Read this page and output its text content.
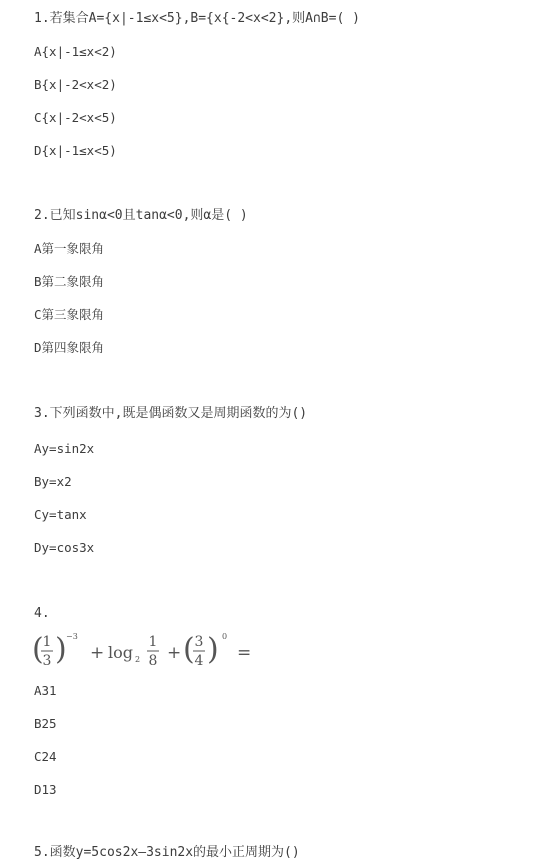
1.若集合A={x|-1≤x<5},B={x{-2<x<2},则A∩B=( )
A{x|-1≤x<2)
B{x|-2<x<2)
C{x|-2<x<5)
D{x|-1≤x<5)
2.已知sinα<0且tanα<0,则α是( )
A第一象限角
B第二象限角
C第三象限角
D第四象限角
3.下列函数中,既是偶函数又是周期函数的为()
Ay=sin2x
By=x2
Cy=tanx
Dy=cos3x
4.
(
1
3 ) −3
+ log 2
1
8 + ( 3
4 ) 0
=
A31
B25
C24
D13
5.函数y=5cos2x—3sin2x的最小正周期为()
